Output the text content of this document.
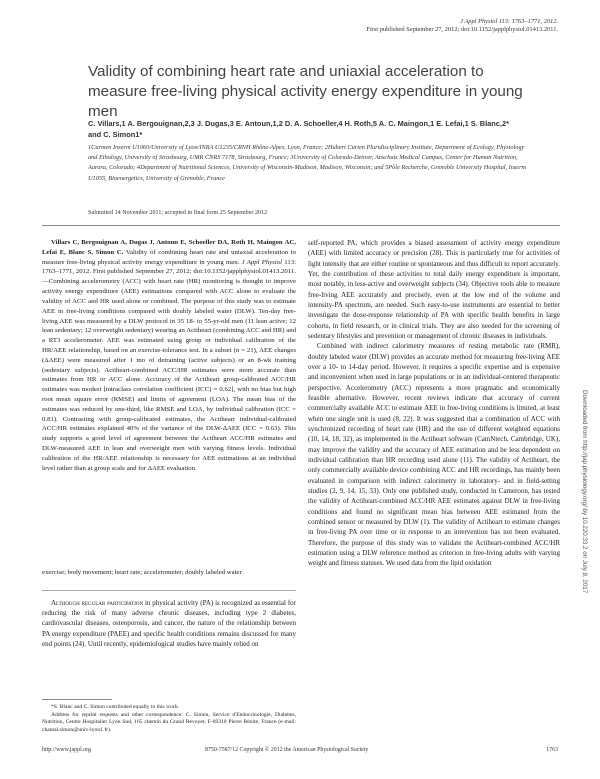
J Appl Physiol 113: 1763–1771, 2012.
First published September 27, 2012; doi:10.1152/japplphysiol.01413.2011.
Validity of combining heart rate and uniaxial acceleration to measure free-living physical activity energy expenditure in young men
C. Villars,1 A. Bergouignan,2,3 J. Dugas,3 E. Antoun,1,2 D. A. Schoeller,4 H. Roth,5 A. C. Maingon,1 E. Lefai,1 S. Blanc,2* and C. Simon1*
1Carmen Inserm U1060/University of Lyon/INRA U1235/CRNH Rhône-Alpes, Lyon, France; 2Hubert Curien Pluridisciplinary Institute, Department of Ecology, Physiology and Ethology, University of Strasbourg, UMR CNRS 7178, Strasbourg, France; 3University of Colorado-Denver, Anschutz Medical Campus, Center for Human Nutrition, Aurora, Colorado; 4Department of Nutritional Sciences, University of Wisconsin-Madison, Madison, Wisconsin; and 5Pôle Recherche, Grenoble University Hospital, Inserm U1055, Bioenergetics, University of Grenoble, France
Submitted 14 November 2011; accepted in final form 25 September 2012

Villars C, Bergouignan A, Dugas J, Antoun E, Schoeller DA, Roth H, Maingon AC, Lefai E, Blanc S, Simon C. Validity of combining heart rate and uniaxial acceleration to measure free-living physical activity energy expenditure in young men. J Appl Physiol 113: 1763–1771, 2012. First published September 27, 2012; doi:10.1152/japplphysiol.01413.2011.—Combining accelerometry (ACC) with heart rate (HR) monitoring is thought to improve activity energy expenditure (AEE) estimations compared with ACC alone to evaluate the validity of ACC and HR used alone or combined. The purpose of this study was to estimate AEE in free-living conditions compared with doubly labeled water (DLW). Ten-day free-living AEE was measured by a DLW protocol in 35 18- to 55-yr-old men (11 lean active; 12 lean sedentary; 12 overweight sedentary) wearing an Actiheart (combining ACC and HR) and a RT3 accelerometer. AEE was estimated using group or individual calibration of the HR/AEE relationship, based on an exercise-tolerance test. In a subset (n = 21), AEE changes (ΔAEE) were measured after 1 mo of detraining (active subjects) or an 8-wk training (sedentary subjects). Actiheart-combined ACC/HR estimates were more accurate than estimates from HR or ACC alone. Accuracy of the Actiheart group-calibrated ACC/HR estimates was modest [intraclass correlation coefficient (ICC) = 0.62], with no bias but high root mean square error (RMSE) and limits of agreement (LOA). The mean bias of the estimates was reduced by one-third, like RMSE and LOA, by individual calibration (ICC = 0.81). Contrasting with group-calibrated estimates, the Actiheart individual-calibrated ACC/HR estimates explained 40% of the variance of the DLW-ΔAEE (ICC = 0.63). This study supports a good level of agreement between the Actiheart ACC/HR estimates and DLW-measured AEE in lean and overweight men with varying fitness levels. Individual calibration of the HR/AEE relationship is necessary for AEE estimations at an individual level rather than at group scale and for ΔAEE evaluation.

exercise; body movement; heart rate; accelerometer; doubly labeled water

Although regular participation in physical activity (PA) is recognized as essential for reducing the risk of many adverse chronic diseases, including type 2 diabetes, cardiovascular diseases, osteoporosis, and cancer, the nature of the relationship between PA energy expenditure (PAEE) and specific health conditions remains discussed for many end points (24). Until recently, epidemiological studies have mainly relied on

*S. Blanc and C. Simon contributed equally to this work.

Address for reprint requests and other correspondence: C. Simon, Service d'Endocrinologie, Diabètes, Nutrition, Centre Hospitalier Lyon Sud, 165 chemin du Grand Revoyet, F-69310 Pierre Bénite, France (e-mail: chantal.simon@univ-lyon1.fr).

self-reported PA, which provides a biased assessment of activity energy expenditure (AEE) with limited accuracy or precision (28). This is particularly true for activities of light intensity that are either routine or spontaneous and thus difficult to report accurately. Yet, the contribution of these activities to total daily energy expenditure is important, most notably, in less-active and overweight subjects (34). Objective tools able to measure free-living AEE accurately and precisely, even at the low end of the volume and intensity-PA spectrum, are needed. Such easy-to-use instruments are essential to better investigate the dose-response relationship of PA with specific health benefits in large cohorts, in field research, or in clinical trials. They are also needed for the screening of sedentary lifestyles and prevention or management of chronic diseases in individuals.

Combined with indirect calorimetry measures of resting metabolic rate (RMR), doubly labeled water (DLW) provides an accurate method for measuring free-living AEE over a 10- to 14-day period. However, it requires a specific expertise and is expensive and inconvenient when used in large populations or in an individual-centered therapeutic perspective. Accelerometry (ACC) represents a more pragmatic and economically feasible alternative. However, recent reviews indicate that accuracy of current commercially available ACC to estimate AEE in free-living conditions is limited, at least when one single unit is used (8, 22). It was suggested that a combination of ACC with synchronized recording of heart rate (HR) and the use of different weighted equations (10, 14, 18, 32), as implemented in the Actiheart software (CamNtech, Cambridge, UK), may improve the validity and the accuracy of AEE estimation and be less dependent on individual calibration than HR recording used alone (11). The validity of Actiheart, the only commercially available device combining ACC and HR recordings, has mainly been evaluated in comparison with indirect calorimetry in laboratory- and in field-setting studies (2, 9, 14, 15, 33). Only one published study, conducted in Cameroon, has tested the validity of Actiheart-combined ACC/HR AEE estimates against DLW in free-living conditions and found no significant mean bias between AEE estimated from the combined sensor or measured by DLW (1). The validity of Actiheart to estimate changes in free-living PA over time or in response to an intervention has not been evaluated. Therefore, the purpose of this study was to validate the Actiheart-combined ACC/HR estimation using a DLW reference method as criterion in free-living adults with varying weight and fitness statuses. We used data from the lipid oxidation

http://www.jappl.org	8750-7587/12 Copyright © 2012 the American Physiological Society	1763
Downloaded from http://jap.physiology.org/ by 10.220.33.2 on July 8, 2017
